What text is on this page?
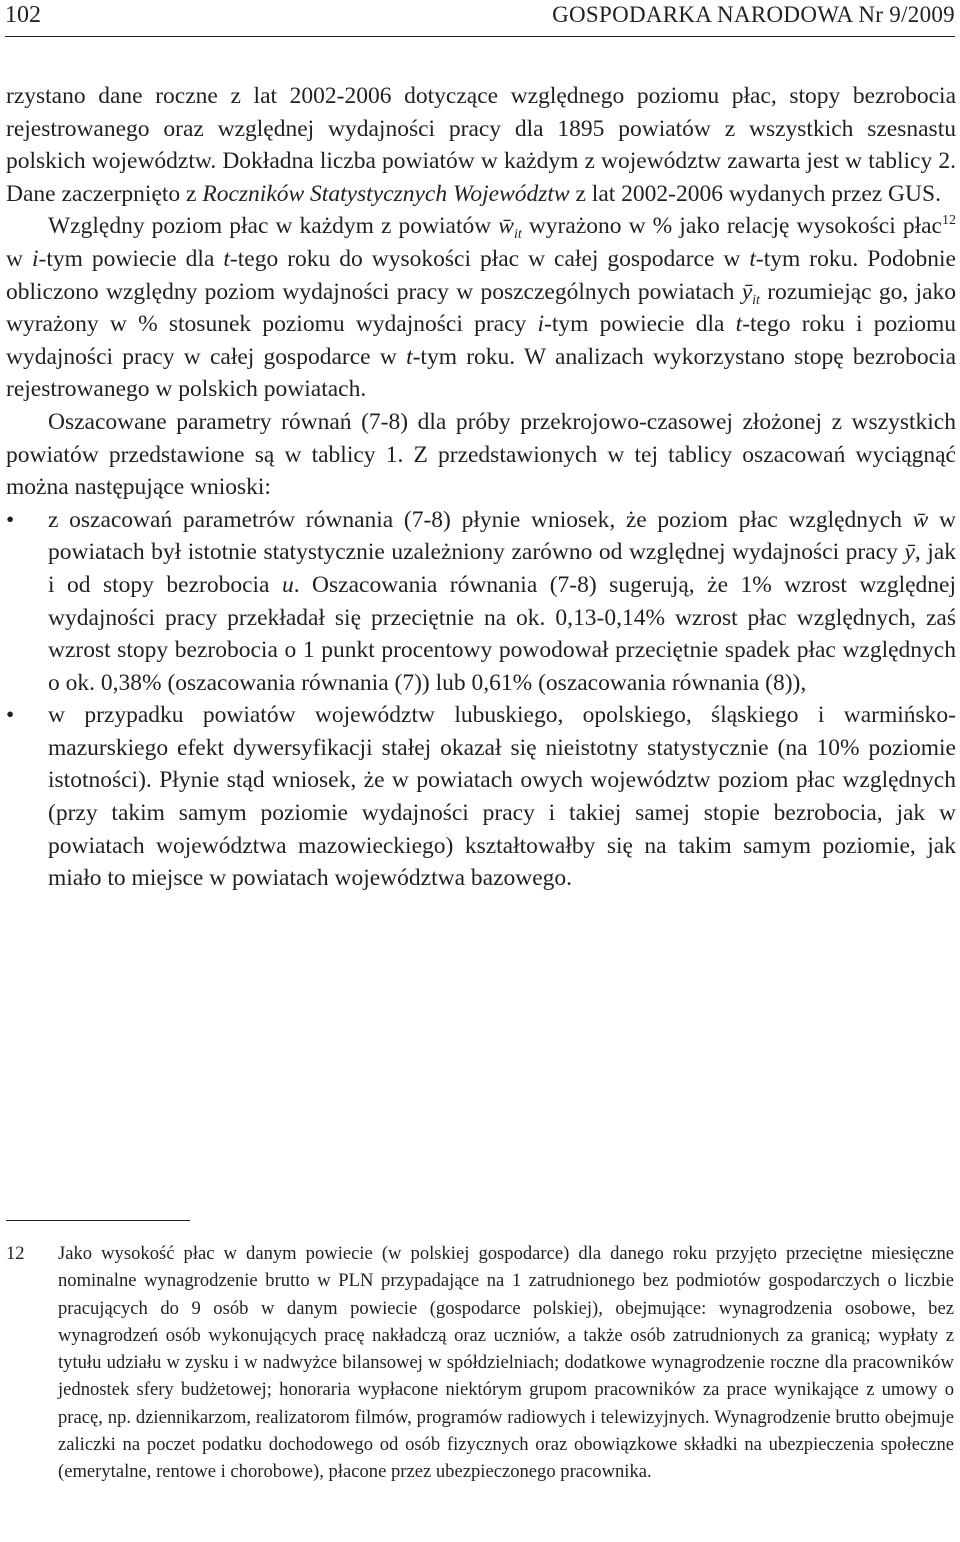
102	GOSPODARKA NARODOWA Nr 9/2009

rzystano dane roczne z lat 2002-2006 dotyczące względnego poziomu płac, stopy bezrobocia rejestrowanego oraz względnej wydajności pracy dla 1895 powiatów z wszystkich szesnastu polskich województw. Dokładna liczba powiatów w każdym z województw zawarta jest w tablicy 2. Dane zaczerpnięto z Roczników Statystycznych Województw z lat 2002-2006 wydanych przez GUS.

Względny poziom płac w każdym z powiatów $w̄_{it}$ wyrażono w % jako relację wysokości płac$^{12}$ w i-tym powiecie dla t-tego roku do wysokości płac w całej gospodarce w t-tym roku. Podobnie obliczono względny poziom wydajności pracy w poszczególnych powiatach $ȳ_{it}$ rozumiejąc go, jako wyrażony w % stosunek poziomu wydajności pracy i-tym powiecie dla t-tego roku i poziomu wydajności pracy w całej gospodarce w t-tym roku. W analizach wykorzystano stopę bezrobocia rejestrowanego w polskich powiatach.

Oszacowane parametry równań (7-8) dla próby przekrojowo-czasowej złożonej z wszystkich powiatów przedstawione są w tablicy 1. Z przedstawionych w tej tablicy oszacowań wyciągnąć można następujące wnioski:

•	z oszacowań parametrów równania (7-8) płynie wniosek, że poziom płac względnych w̄ w powiatach był istotnie statystycznie uzależniony zarówno od względnej wydajności pracy ȳ, jak i od stopy bezrobocia u. Oszacowania równania (7-8) sugerują, że 1% wzrost względnej wydajności pracy przekładał się przeciętnie na ok. 0,13-0,14% wzrost płac względnych, zaś wzrost stopy bezrobocia o 1 punkt procentowy powodował przeciętnie spadek płac względnych o ok. 0,38% (oszacowania równania (7)) lub 0,61% (oszacowania równania (8)),
•	w przypadku powiatów województw lubuskiego, opolskiego, śląskiego i warmińsko-mazurskiego efekt dywersyfikacji stałej okazał się nieistotny statystycznie (na 10% poziomie istotności). Płynie stąd wniosek, że w powiatach owych województw poziom płac względnych (przy takim samym poziomie wydajności pracy i takiej samej stopie bezrobocia, jak w powiatach województwa mazowieckiego) kształtowałby się na takim samym poziomie, jak miało to miejsce w powiatach województwa bazowego.
12 Jako wysokość płac w danym powiecie (w polskiej gospodarce) dla danego roku przyjęto przeciętne miesięczne nominalne wynagrodzenie brutto w PLN przypadające na 1 zatrudnionego bez podmiotów gospodarczych o liczbie pracujących do 9 osób w danym powiecie (gospodarce polskiej), obejmujące: wynagrodzenia osobowe, bez wynagrodzeń osób wykonujących pracę nakładczą oraz uczniów, a także osób zatrudnionych za granicą; wypłaty z tytułu udziału w zysku i w nadwyżce bilansowej w spółdzielniach; dodatkowe wynagrodzenie roczne dla pracowników jednostek sfery budżetowej; honoraria wypłacone niektórym grupom pracowników za prace wynikające z umowy o pracę, np. dziennikarzom, realizatorom filmów, programów radiowych i telewizyjnych. Wynagrodzenie brutto obejmuje zaliczki na poczet podatku dochodowego od osób fizycznych oraz obowiązkowe składki na ubezpieczenia społeczne (emerytalne, rentowe i chorobowe), płacone przez ubezpieczonego pracownika.
